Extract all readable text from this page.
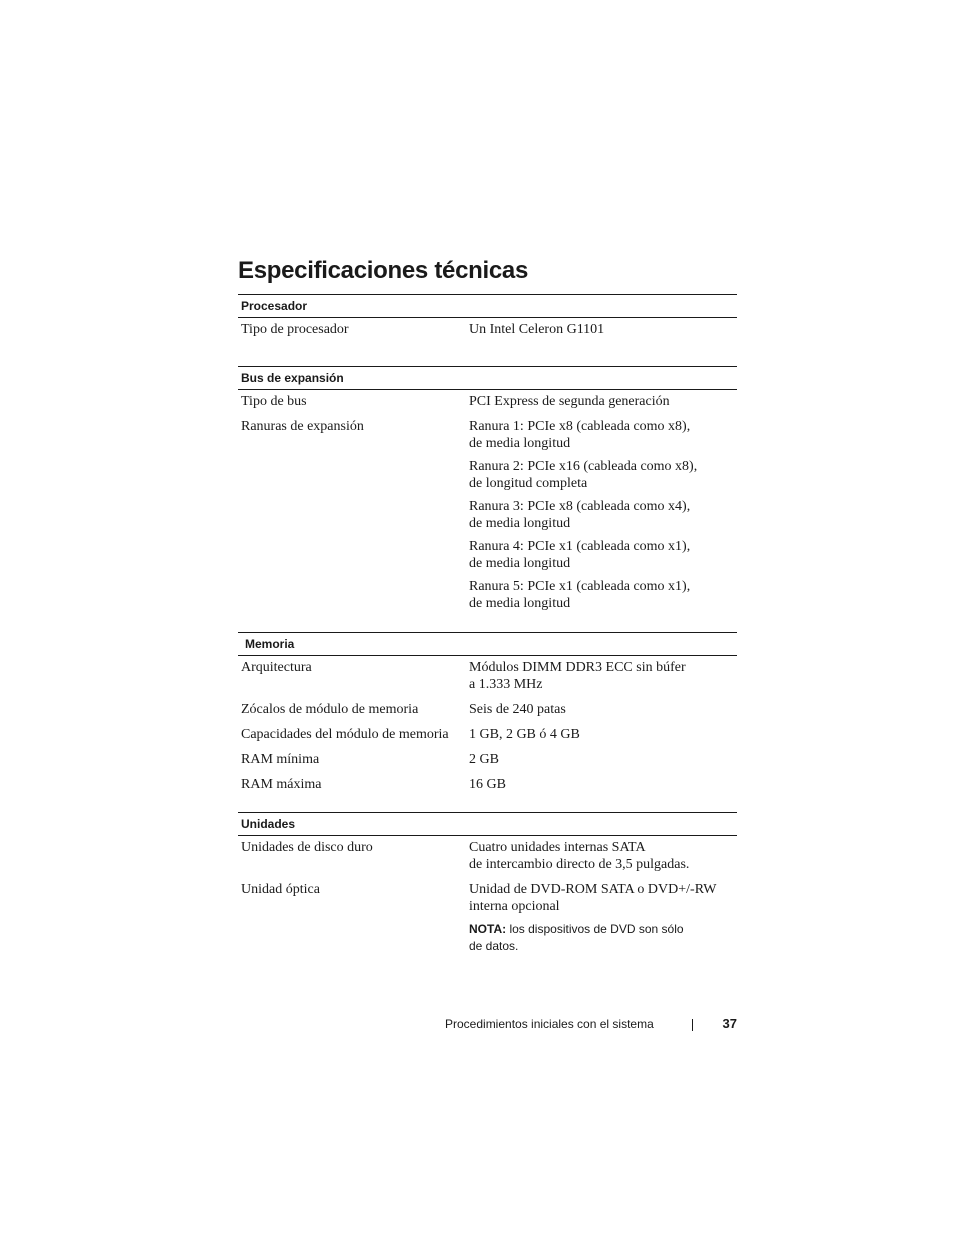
Especificaciones técnicas
Procesador
Tipo de procesador	Un Intel Celeron G1101
Bus de expansión
Tipo de bus	PCI Express de segunda generación
Ranuras de expansión	Ranura 1: PCIe x8 (cableada como x8),
de media longitud
Ranura 2: PCIe x16 (cableada como x8),
de longitud completa
Ranura 3: PCIe x8 (cableada como x4),
de media longitud
Ranura 4: PCIe x1 (cableada como x1),
de media longitud
Ranura 5: PCIe x1 (cableada como x1),
de media longitud
Memoria
Arquitectura	Módulos DIMM DDR3 ECC sin búfer
a 1.333 MHz
Zócalos de módulo de memoria	Seis de 240 patas
Capacidades del módulo de memoria	1 GB, 2 GB ó 4 GB
RAM mínima	2 GB
RAM máxima	16 GB
Unidades
Unidades de disco duro	Cuatro unidades internas SATA
de intercambio directo de 3,5 pulgadas.
Unidad óptica	Unidad de DVD-ROM SATA o DVD+/-RW
interna opcional
NOTA: los dispositivos de DVD son sólo
de datos.
Procedimientos iniciales con el sistema	37
